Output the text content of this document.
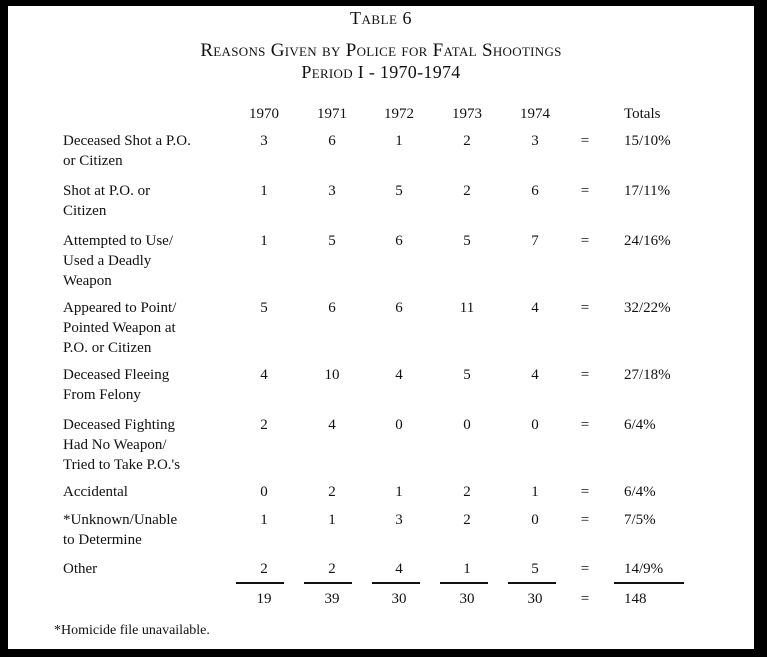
Table 6
Reasons Given by Police for Fatal Shootings
Period I - 1970-1974
1970	1971	1972	1973	1974	Totals
Deceased Shot a P.O.
or Citizen
3	6	1	2	3	=	15/10%
Shot at P.O. or
Citizen
1	3	5	2	6	=	17/11%
Attempted to Use/
Used a Deadly
Weapon
1	5	6	5	7	=	24/16%
Appeared to Point/
Pointed Weapon at
P.O. or Citizen
5	6	6	11	4	=	32/22%
Deceased Fleeing
From Felony
4	10	4	5	4	=	27/18%
Deceased Fighting
Had No Weapon/
Tried to Take P.O.'s
2	4	0	0	0	=	6/4%
Accidental	0	2	1	2	1	=	6/4%
*Unknown/Unable
to Determine
1	1	3	2	0	=	7/5%
Other	2	2	4	1	5	=	14/9%
19	39	30	30	30	=	148
*Homicide file unavailable.
